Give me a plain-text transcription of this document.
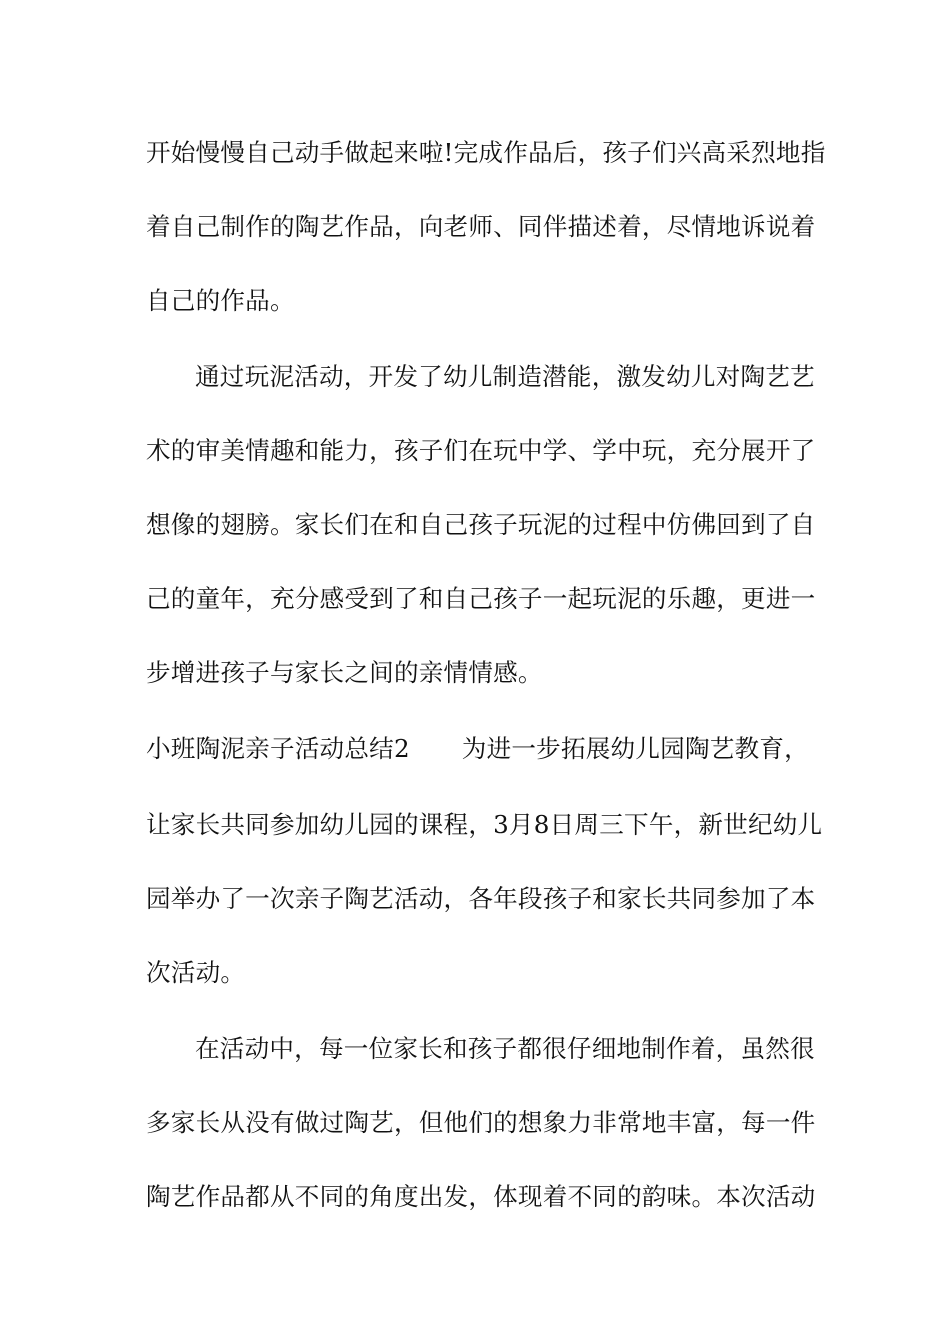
开始慢慢自己动手做起来啦!完成作品后，孩子们兴高采烈地指
着自己制作的陶艺作品，向老师、同伴描述着，尽情地诉说着
自己的作品。
通过玩泥活动，开发了幼儿制造潜能，激发幼儿对陶艺艺
术的审美情趣和能力，孩子们在玩中学、学中玩，充分展开了
想像的翅膀。家长们在和自己孩子玩泥的过程中仿佛回到了自
己的童年，充分感受到了和自己孩子一起玩泥的乐趣，更进一
步增进孩子与家长之间的亲情情感。
小班陶泥亲子活动总结2 为进一步拓展幼儿园陶艺教育，
让家长共同参加幼儿园的课程，3月8日周三下午，新世纪幼儿
园举办了一次亲子陶艺活动，各年段孩子和家长共同参加了本
次活动。
在活动中，每一位家长和孩子都很仔细地制作着，虽然很
多家长从没有做过陶艺，但他们的想象力非常地丰富，每一件
陶艺作品都从不同的角度出发，体现着不同的韵味。本次活动
